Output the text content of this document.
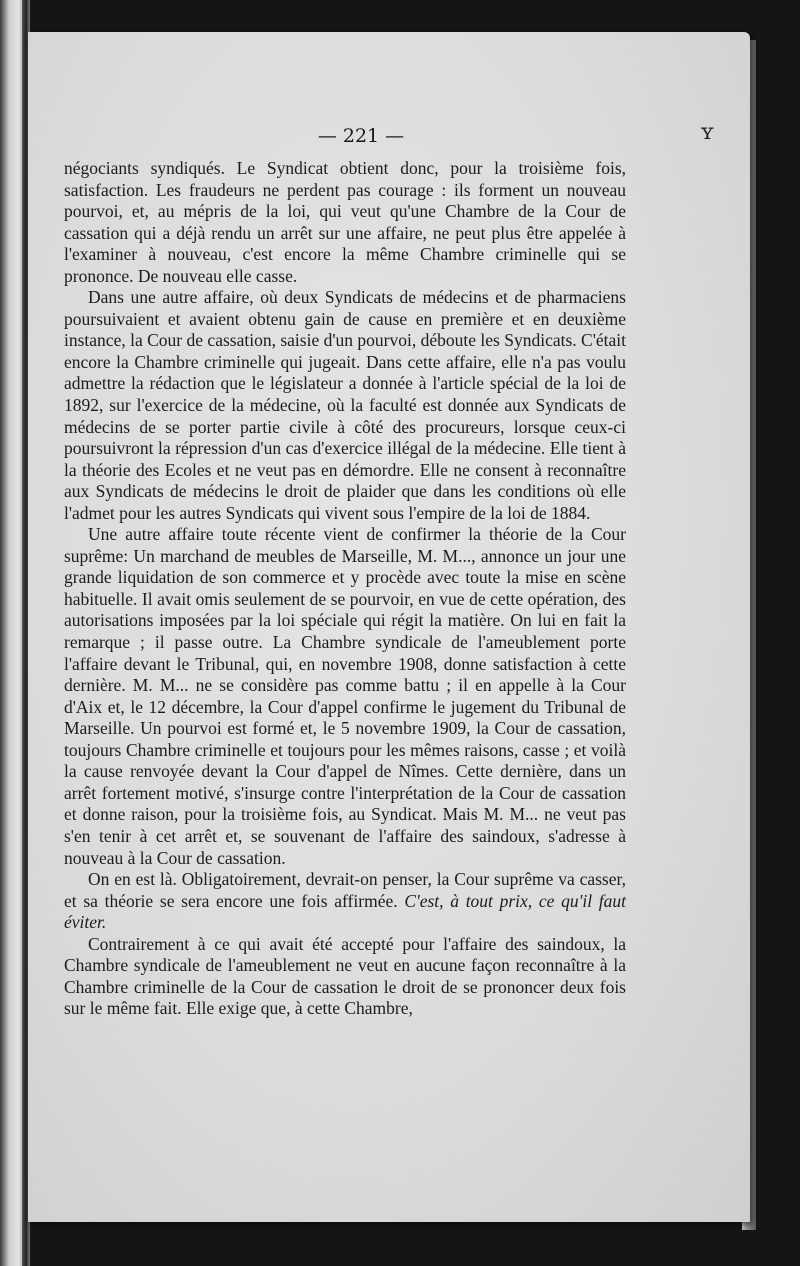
— 221 —	ʏ

négociants syndiqués. Le Syndicat obtient donc, pour la troisième fois, satisfaction. Les fraudeurs ne perdent pas courage : ils forment un nouveau pourvoi, et, au mépris de la loi, qui veut qu'une Chambre de la Cour de cassation qui a déjà rendu un arrêt sur une affaire, ne peut plus être appelée à l'examiner à nouveau, c'est encore la même Chambre criminelle qui se prononce. De nouveau elle casse.

Dans une autre affaire, où deux Syndicats de médecins et de pharmaciens poursuivaient et avaient obtenu gain de cause en première et en deuxième instance, la Cour de cassation, saisie d'un pourvoi, déboute les Syndicats. C'était encore la Chambre criminelle qui jugeait. Dans cette affaire, elle n'a pas voulu admettre la rédaction que le législateur a donnée à l'article spécial de la loi de 1892, sur l'exercice de la médecine, où la faculté est donnée aux Syndicats de médecins de se porter partie civile à côté des procureurs, lorsque ceux-ci poursuivront la répression d'un cas d'exercice illégal de la médecine. Elle tient à la théorie des Ecoles et ne veut pas en démordre. Elle ne consent à reconnaître aux Syndicats de médecins le droit de plaider que dans les conditions où elle l'admet pour les autres Syndicats qui vivent sous l'empire de la loi de 1884.

Une autre affaire toute récente vient de confirmer la théorie de la Cour suprême: Un marchand de meubles de Marseille, M. M..., annonce un jour une grande liquidation de son commerce et y procède avec toute la mise en scène habituelle. Il avait omis seulement de se pourvoir, en vue de cette opération, des autorisations imposées par la loi spéciale qui régit la matière. On lui en fait la remarque ; il passe outre. La Chambre syndicale de l'ameublement porte l'affaire devant le Tribunal, qui, en novembre 1908, donne satisfaction à cette dernière. M. M... ne se considère pas comme battu ; il en appelle à la Cour d'Aix et, le 12 décembre, la Cour d'appel confirme le jugement du Tribunal de Marseille. Un pourvoi est formé et, le 5 novembre 1909, la Cour de cassation, toujours Chambre criminelle et toujours pour les mêmes raisons, casse ; et voilà la cause renvoyée devant la Cour d'appel de Nîmes. Cette dernière, dans un arrêt fortement motivé, s'insurge contre l'interprétation de la Cour de cassation et donne raison, pour la troisième fois, au Syndicat. Mais M. M... ne veut pas s'en tenir à cet arrêt et, se souvenant de l'affaire des saindoux, s'adresse à nouveau à la Cour de cassation.

On en est là. Obligatoirement, devrait-on penser, la Cour suprême va casser, et sa théorie se sera encore une fois affirmée. C'est, à tout prix, ce qu'il faut éviter.

Contrairement à ce qui avait été accepté pour l'affaire des saindoux, la Chambre syndicale de l'ameublement ne veut en aucune façon reconnaître à la Chambre criminelle de la Cour de cassation le droit de se prononcer deux fois sur le même fait. Elle exige que, à cette Chambre,
